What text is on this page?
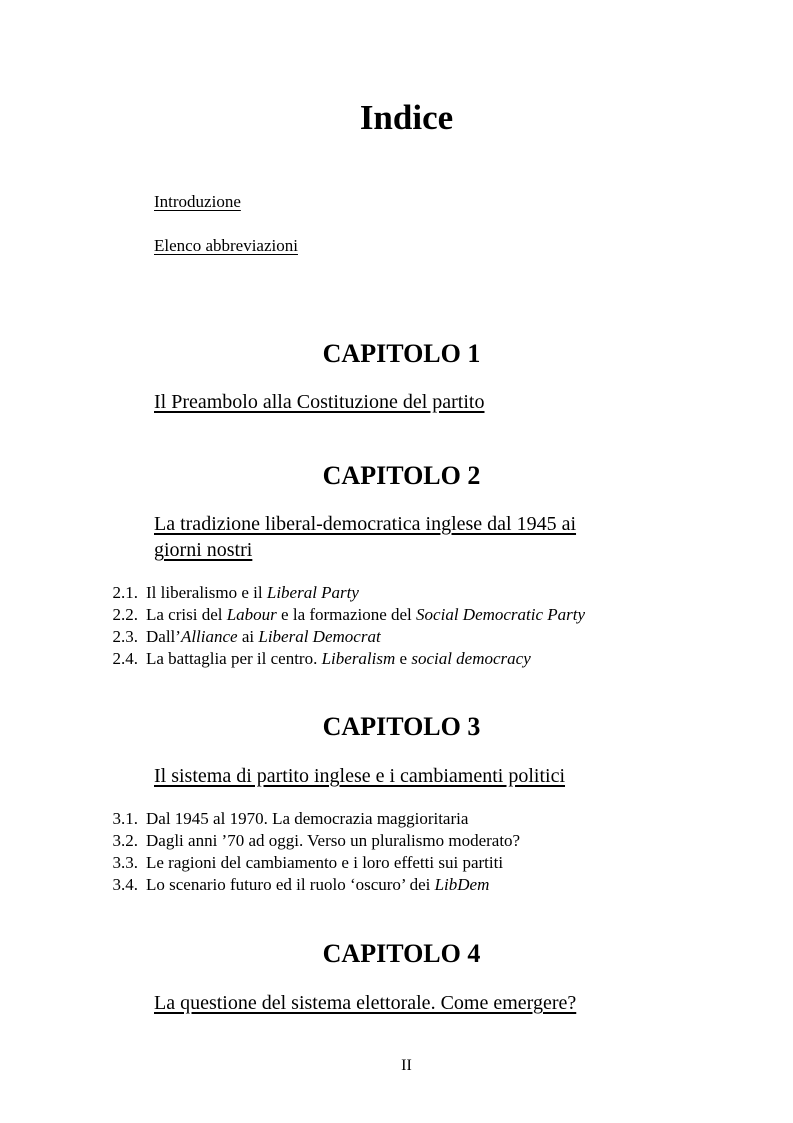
Indice
Introduzione
Elenco abbreviazioni
CAPITOLO 1
Il Preambolo alla Costituzione del partito
CAPITOLO 2
La tradizione liberal-democratica inglese dal 1945 ai
giorni nostri
2.1. Il liberalismo e il Liberal Party
2.2. La crisi del Labour e la formazione del Social Democratic Party
2.3. Dall’Alliance ai Liberal Democrat
2.4. La battaglia per il centro. Liberalism e social democracy
CAPITOLO 3
Il sistema di partito inglese e i cambiamenti politici
3.1. Dal 1945 al 1970. La democrazia maggioritaria
3.2. Dagli anni ’70 ad oggi. Verso un pluralismo moderato?
3.3. Le ragioni del cambiamento e i loro effetti sui partiti
3.4. Lo scenario futuro ed il ruolo ‘oscuro’ dei LibDem
CAPITOLO 4
La questione del sistema elettorale. Come emergere?
II
